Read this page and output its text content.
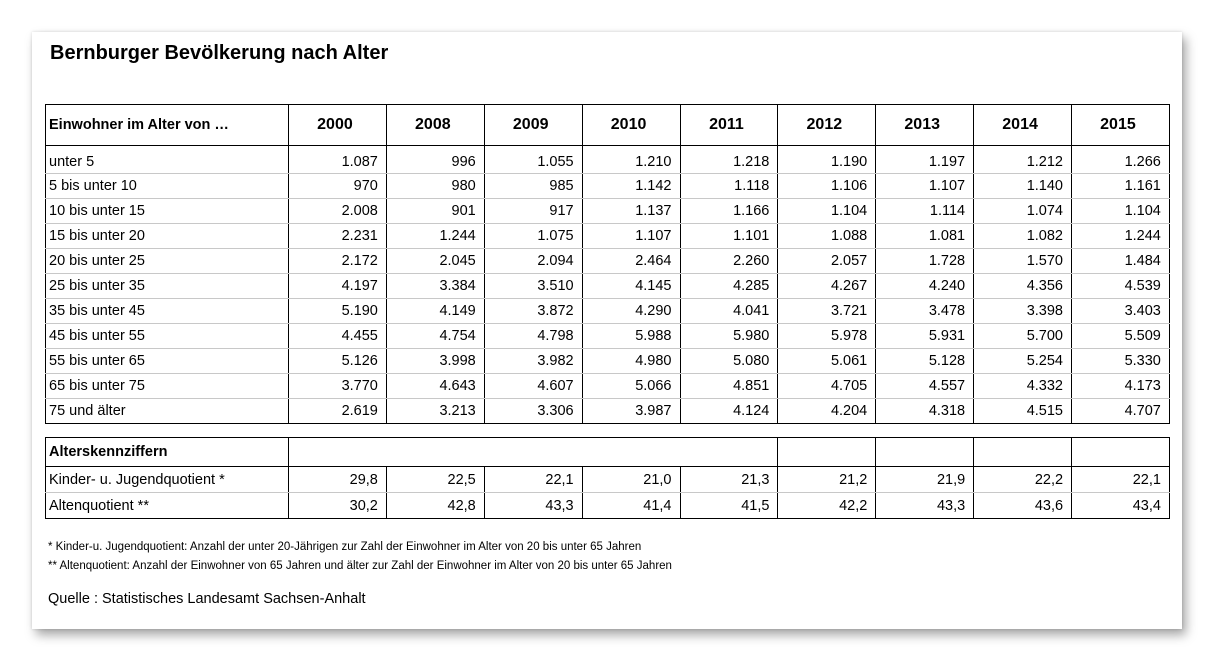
Bernburger Bevölkerung nach Alter
Einwohner im Alter von …	2000	2008	2009	2010	2011	2012	2013	2014	2015
unter 5	1.087	996	1.055	1.210	1.218	1.190	1.197	1.212	1.266
5 bis unter 10	970	980	985	1.142	1.118	1.106	1.107	1.140	1.161
10 bis unter 15	2.008	901	917	1.137	1.166	1.104	1.114	1.074	1.104
15 bis unter 20	2.231	1.244	1.075	1.107	1.101	1.088	1.081	1.082	1.244
20 bis unter 25	2.172	2.045	2.094	2.464	2.260	2.057	1.728	1.570	1.484
25 bis unter 35	4.197	3.384	3.510	4.145	4.285	4.267	4.240	4.356	4.539
35 bis unter 45	5.190	4.149	3.872	4.290	4.041	3.721	3.478	3.398	3.403
45 bis unter 55	4.455	4.754	4.798	5.988	5.980	5.978	5.931	5.700	5.509
55 bis unter 65	5.126	3.998	3.982	4.980	5.080	5.061	5.128	5.254	5.330
65 bis unter 75	3.770	4.643	4.607	5.066	4.851	4.705	4.557	4.332	4.173
75 und älter	2.619	3.213	3.306	3.987	4.124	4.204	4.318	4.515	4.707
Alterskennziffern									
Kinder- u. Jugendquotient *	29,8	22,5	22,1	21,0	21,3	21,2	21,9	22,2	22,1
Altenquotient **	30,2	42,8	43,3	41,4	41,5	42,2	43,3	43,6	43,4
* Kinder-u. Jugendquotient: Anzahl der unter 20-Jährigen zur Zahl der Einwohner im Alter von 20 bis unter 65 Jahren
** Altenquotient: Anzahl der Einwohner von 65 Jahren und älter zur Zahl der Einwohner im Alter von 20 bis unter 65 Jahren
Quelle : Statistisches Landesamt Sachsen-Anhalt
